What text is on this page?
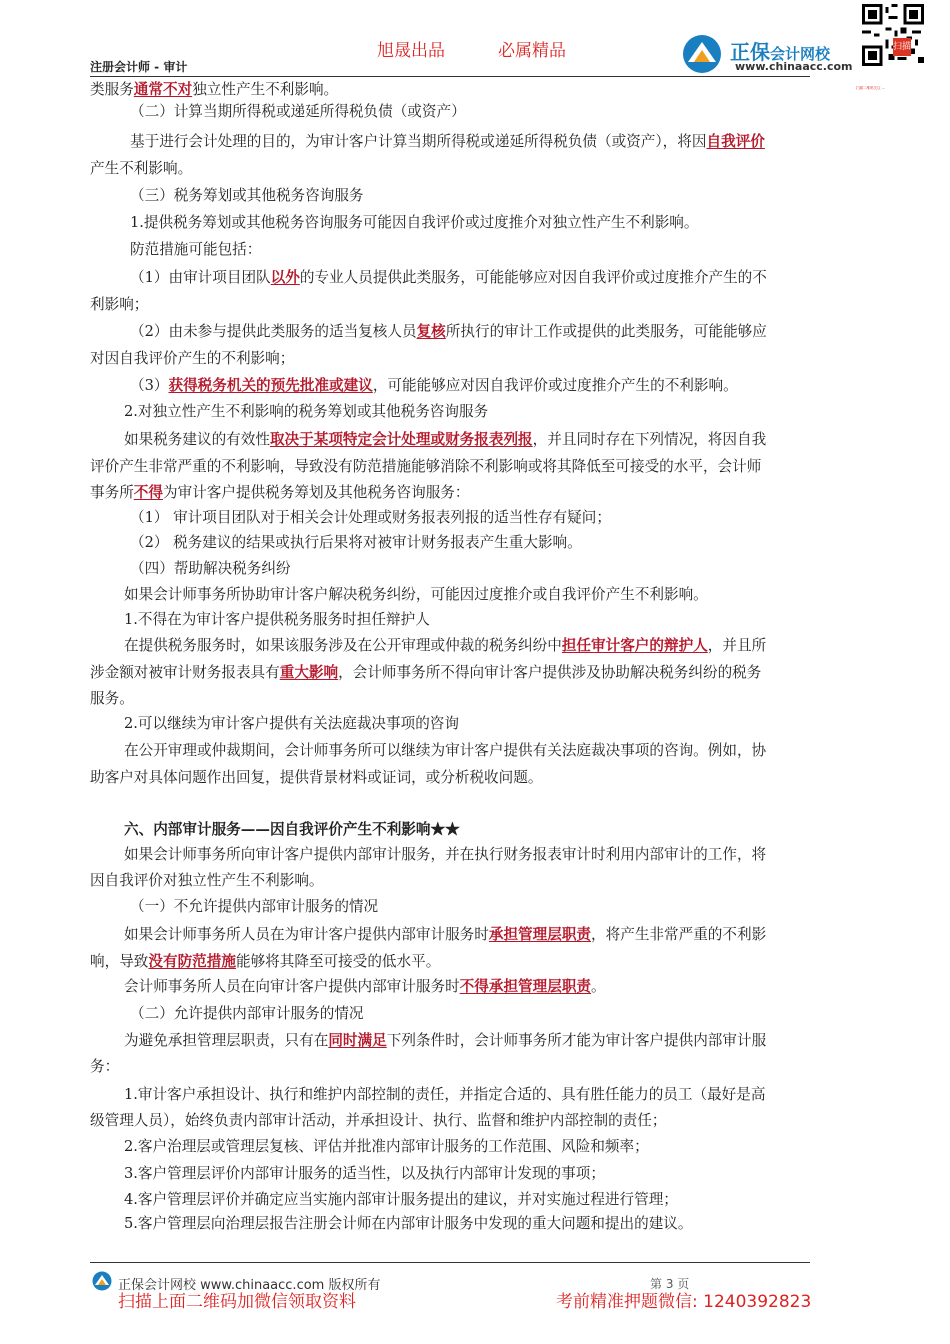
旭晟出品	必属精品
注册会计师 - 审计
正保会计网校
www.chinaacc.com
扫描
扫描二维码关注 ...
类服务通常不对独立性产生不利影响。
（二）计算当期所得税或递延所得税负债（或资产）
基于进行会计处理的目的，为审计客户计算当期所得税或递延所得税负债（或资产），将因自我评价
产生不利影响。
（三）税务筹划或其他税务咨询服务
1.提供税务筹划或其他税务咨询服务可能因自我评价或过度推介对独立性产生不利影响。
防范措施可能包括：
（1）由审计项目团队以外的专业人员提供此类服务，可能能够应对因自我评价或过度推介产生的不
利影响；
（2）由未参与提供此类服务的适当复核人员复核所执行的审计工作或提供的此类服务，可能能够应
对因自我评价产生的不利影响；
（3）获得税务机关的预先批准或建议，可能能够应对因自我评价或过度推介产生的不利影响。
2.对独立性产生不利影响的税务筹划或其他税务咨询服务
如果税务建议的有效性取决于某项特定会计处理或财务报表列报，并且同时存在下列情况，将因自我
评价产生非常严重的不利影响，导致没有防范措施能够消除不利影响或将其降低至可接受的水平，会计师
事务所不得为审计客户提供税务筹划及其他税务咨询服务：
（1） 审计项目团队对于相关会计处理或财务报表列报的适当性存有疑问；
（2） 税务建议的结果或执行后果将对被审计财务报表产生重大影响。
（四）帮助解决税务纠纷
如果会计师事务所协助审计客户解决税务纠纷，可能因过度推介或自我评价产生不利影响。
1.不得在为审计客户提供税务服务时担任辩护人
在提供税务服务时，如果该服务涉及在公开审理或仲裁的税务纠纷中担任审计客户的辩护人，并且所
涉金额对被审计财务报表具有重大影响，会计师事务所不得向审计客户提供涉及协助解决税务纠纷的税务
服务。
2.可以继续为审计客户提供有关法庭裁决事项的咨询
在公开审理或仲裁期间，会计师事务所可以继续为审计客户提供有关法庭裁决事项的咨询。例如，协
助客户对具体问题作出回复，提供背景材料或证词，或分析税收问题。
六、内部审计服务——因自我评价产生不利影响★★
如果会计师事务所向审计客户提供内部审计服务，并在执行财务报表审计时利用内部审计的工作，将
因自我评价对独立性产生不利影响。
（一）不允许提供内部审计服务的情况
如果会计师事务所人员在为审计客户提供内部审计服务时承担管理层职责，将产生非常严重的不利影
响，导致没有防范措施能够将其降至可接受的低水平。
会计师事务所人员在向审计客户提供内部审计服务时不得承担管理层职责。
（二）允许提供内部审计服务的情况
为避免承担管理层职责，只有在同时满足下列条件时，会计师事务所才能为审计客户提供内部审计服
务：
1.审计客户承担设计、执行和维护内部控制的责任，并指定合适的、具有胜任能力的员工（最好是高
级管理人员），始终负责内部审计活动，并承担设计、执行、监督和维护内部控制的责任；
2.客户治理层或管理层复核、评估并批准内部审计服务的工作范围、风险和频率；
3.客户管理层评价内部审计服务的适当性，以及执行内部审计发现的事项；
4.客户管理层评价并确定应当实施内部审计服务提出的建议，并对实施过程进行管理；
5.客户管理层向治理层报告注册会计师在内部审计服务中发现的重大问题和提出的建议。
正保会计网校 www.chinaacc.com 版权所有	第 3 页
扫描上面二维码加微信领取资料	考前精准押题微信: 1240392823
